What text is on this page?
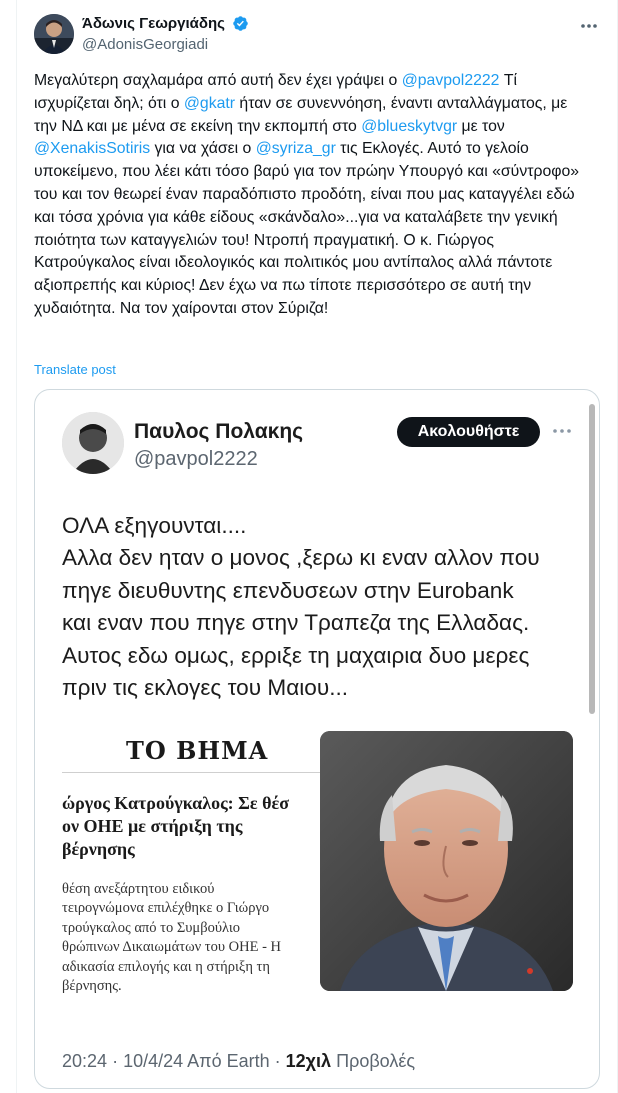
Άδωνις Γεωργιάδης
@AdonisGeorgiadi
Μεγαλύτερη σαχλαμάρα από αυτή δεν έχει γράψει ο @pavpol2222 Τί ισχυρίζεται δηλ; ότι ο @gkatr ήταν σε συνεννόηση, έναντι ανταλλάγματος, με την ΝΔ και με μένα σε εκείνη την εκπομπή στο @blueskytvgr με τον @XenakisSotiris για να χάσει ο @syriza_gr τις Εκλογές. Αυτό το γελοίο υποκείμενο, που λέει κάτι τόσο βαρύ για τον πρώην Υπουργό και «σύντροφο» του και τον θεωρεί έναν παραδόπιστο προδότη, είναι που μας καταγγέλει εδώ και τόσα χρόνια για κάθε είδους «σκάνδαλο»...για να καταλάβετε την γενική ποιότητα των καταγγελιών του! Ντροπή πραγματική. Ο κ. Γιώργος Κατρούγκαλος είναι ιδεολογικός και πολιτικός μου αντίπαλος αλλά πάντοτε αξιοπρεπής και κύριος! Δεν έχω να πω τίποτε περισσότερο σε αυτή την χυδαιότητα. Να τον χαίρονται στον Σύριζα!
Translate post
Παυλος Πολακης
@pavpol2222
Ακολουθήστε
ΟΛΑ εξηγουνται....
Αλλα δεν ηταν ο μονος ,ξερω κι εναν αλλον που
πηγε διευθυντης επενδυσεων στην Eurobank
και εναν που πηγε στην Τραπεζα της Ελλαδας.
Αυτος εδω ομως, ερριξε τη μαχαιρια δυο μερες
πριν τις εκλογες του Μαιου...
ΤΟ ΒΗΜΑ
ώργος Κατρούγκαλος: Σε θέσ
ον ΟΗΕ με στήριξη της
βέρνησης
θέση ανεξάρτητου ειδικού
τειρογνώμονα επιλέχθηκε ο Γιώργο
τρούγκαλος από το Συμβούλιο
θρώπινων Δικαιωμάτων του ΟΗΕ - Η
αδικασία επιλογής και η στήριξη τη
βέρνησης.
20:24 · 10/4/24 Από Earth · 12χιλ Προβολές
